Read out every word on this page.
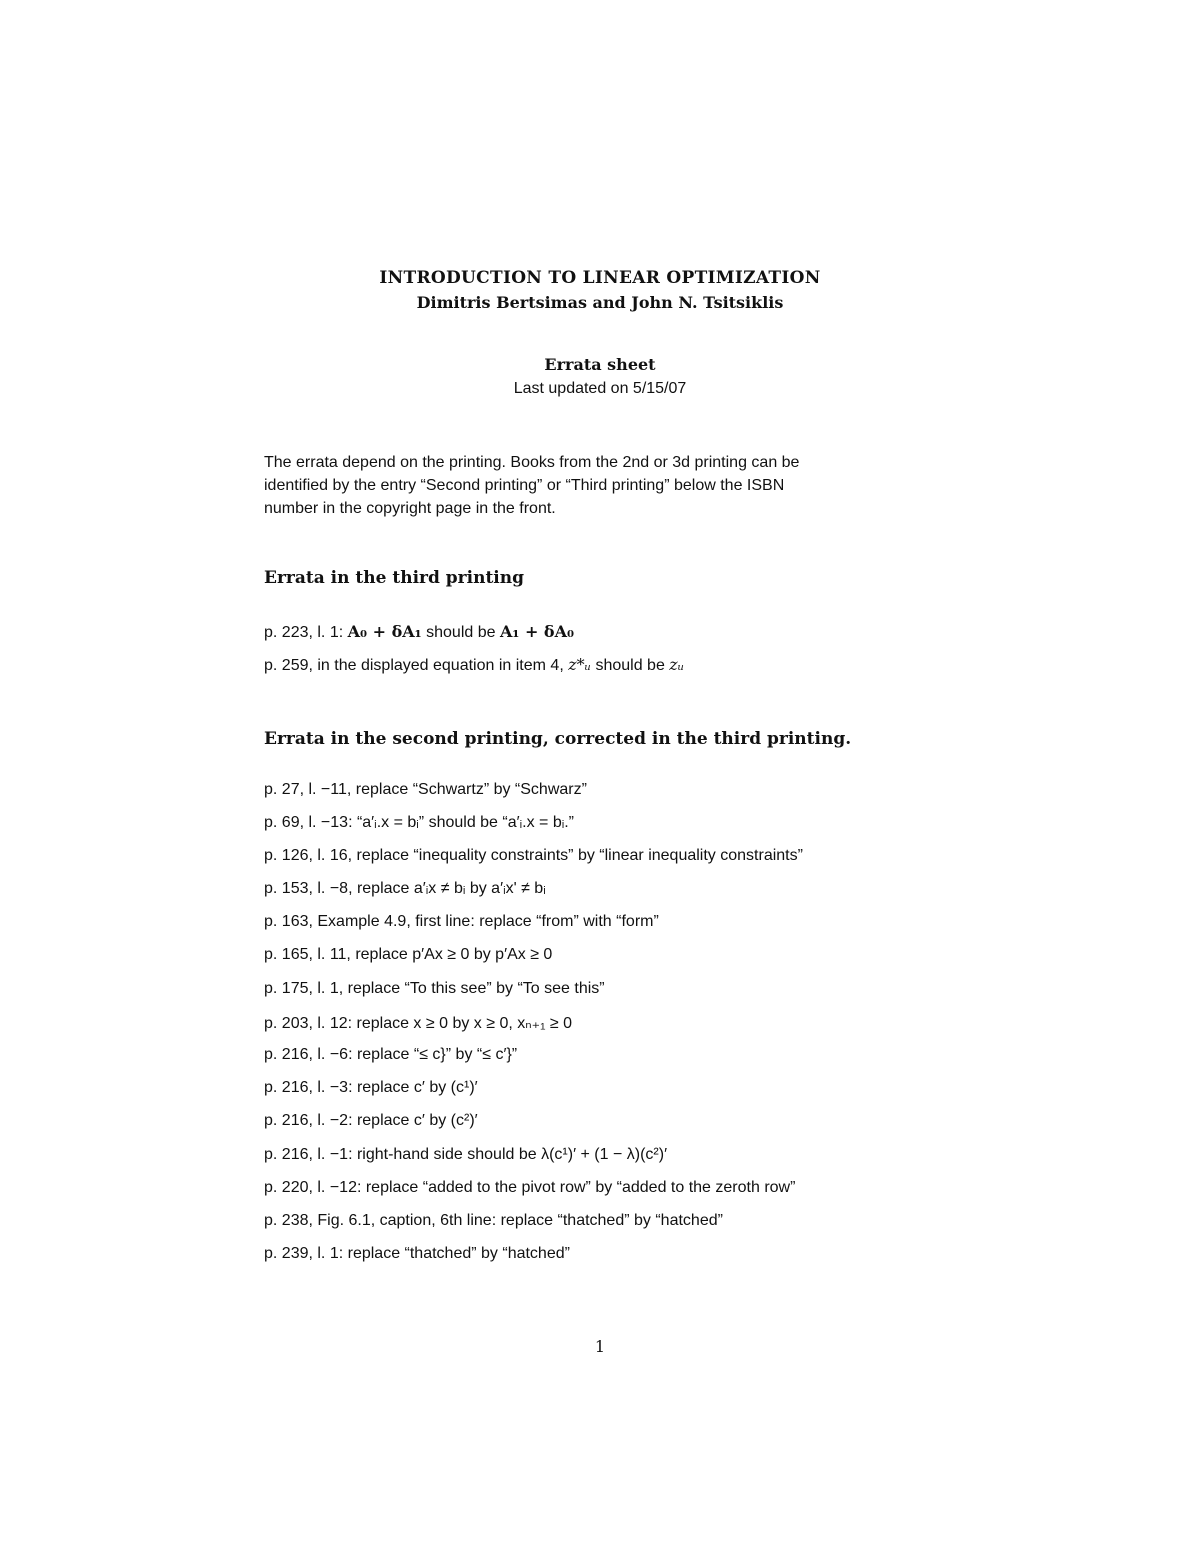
INTRODUCTION TO LINEAR OPTIMIZATION
Dimitris Bertsimas and John N. Tsitsiklis
Errata sheet
Last updated on 5/15/07
The errata depend on the printing. Books from the 2nd or 3d printing can be
identified by the entry “Second printing” or “Third printing” below the ISBN
number in the copyright page in the front.
Errata in the third printing
p. 223, l. 1: A₀ + δA₁ should be A₁ + δA₀
p. 259, in the displayed equation in item 4, z*ᵤ should be zᵤ
Errata in the second printing, corrected in the third printing.
p. 27, l. −11, replace “Schwartz” by “Schwarz”
p. 69, l. −13: “a′ᵢ.x = bᵢ” should be “a′ᵢ.x = bᵢ.”
p. 126, l. 16, replace “inequality constraints” by “linear inequality constraints”
p. 153, l. −8, replace a′ᵢx ≠ bᵢ by a′ᵢx' ≠ bᵢ
p. 163, Example 4.9, first line: replace “from” with “form”
p. 165, l. 11, replace p′Ax ≥ 0 by p′Ax ≥ 0
p. 175, l. 1, replace “To this see” by “To see this”
p. 203, l. 12: replace x ≥ 0 by x ≥ 0, xₙ₊₁ ≥ 0
p. 216, l. −6: replace “≤ c}” by “≤ c′}”
p. 216, l. −3: replace c′ by (c¹)′
p. 216, l. −2: replace c′ by (c²)′
p. 216, l. −1: right-hand side should be λ(c¹)′ + (1 − λ)(c²)′
p. 220, l. −12: replace “added to the pivot row” by “added to the zeroth row”
p. 238, Fig. 6.1, caption, 6th line: replace “thatched” by “hatched”
p. 239, l. 1: replace “thatched” by “hatched”
1
